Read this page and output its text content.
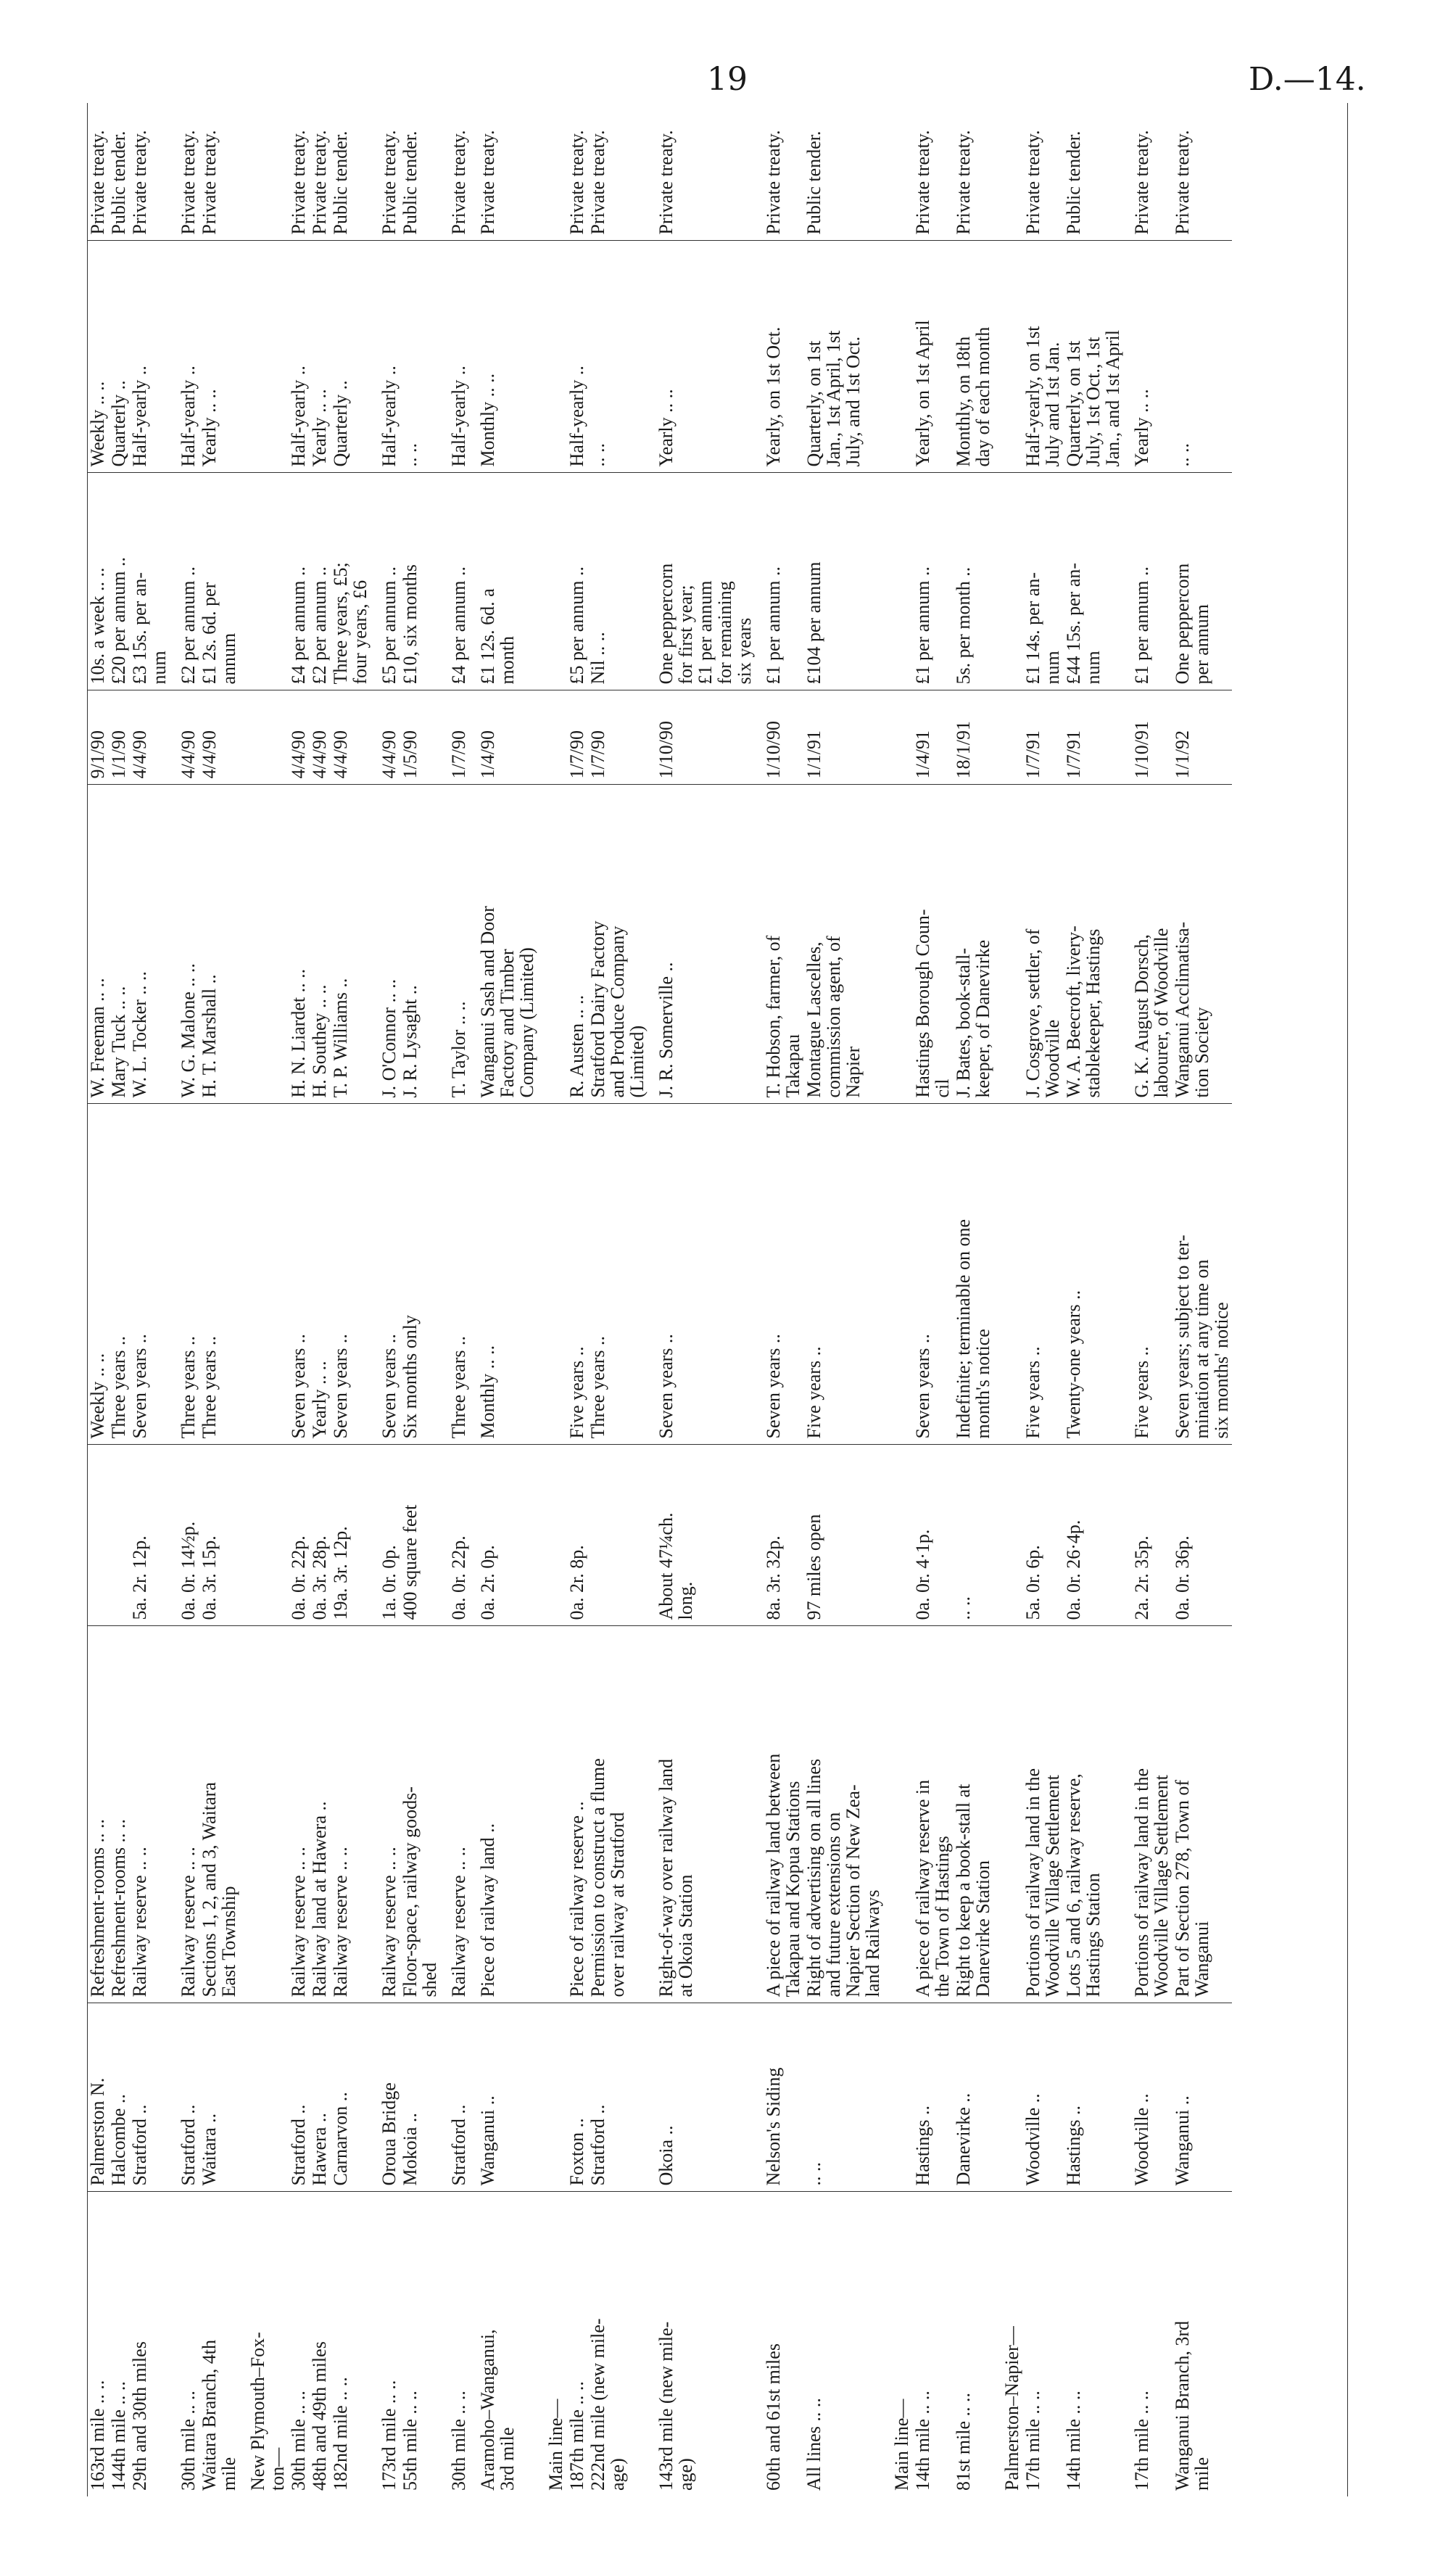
19	D.—14.
163rd mile .. ..	Palmerston N.	Refreshment-rooms .. ..		Weekly .. ..	W. Freeman .. ..	9/1/90	10s. a week .. ..	Weekly .. ..	Private treaty.

144th mile .. ..	Halcombe ..	Refreshment-rooms .. ..		Three years ..	Mary Tuck .. ..	1/1/90	£20 per annum ..	Quarterly ..	Public tender.

29th and 30th miles	Stratford ..	Railway reserve .. ..	5a. 2r. 12p.	Seven years ..	W. L. Tocker .. ..	4/4/90	£3 15s. per an-
num	Half-yearly ..	Private treaty.

30th mile .. ..	Stratford ..	Railway reserve .. ..	0a. 0r. 14½p.	Three years ..	W. G. Malone .. ..	4/4/90	£2 per annum ..	Half-yearly ..	Private treaty.

Waitara Branch, 4th
mile	Waitara ..	Sections 1, 2, and 3, Waitara
East Township	0a. 3r. 15p.	Three years ..	H. T. Marshall ..	4/4/90	£1 2s. 6d. per
annum	Yearly .. ..	Private treaty.

New Plymouth–Fox-
ton—									

30th mile .. ..	Stratford ..	Railway reserve .. ..	0a. 0r. 22p.	Seven years ..	H. N. Liardet .. ..	4/4/90	£4 per annum ..	Half-yearly ..	Private treaty.

48th and 49th miles	Hawera ..	Railway land at Hawera ..	0a. 3r. 28p.	Yearly .. ..	H. Southey .. ..	4/4/90	£2 per annum ..	Yearly .. ..	Private treaty.

182nd mile .. ..	Carnarvon ..	Railway reserve .. ..	19a. 3r. 12p.	Seven years ..	T. P. Williams ..	4/4/90	Three years, £5;
four years, £6	Quarterly ..	Public tender.

173rd mile .. ..	Oroua Bridge	Railway reserve .. ..	1a. 0r. 0p.	Seven years ..	J. O'Connor .. ..	4/4/90	£5 per annum ..	Half-yearly ..	Private treaty.

55th mile .. ..	Mokoia ..	Floor-space, railway goods-
shed	400 square feet	Six months only	J. R. Lysaght ..	1/5/90	£10, six months	.. ..	Public tender.

30th mile .. ..	Stratford ..	Railway reserve .. ..	0a. 0r. 22p.	Three years ..	T. Taylor .. ..	1/7/90	£4 per annum ..	Half-yearly ..	Private treaty.

Aramoho–Wanganui,
3rd mile	Wanganui ..	Piece of railway land ..	0a. 2r. 0p.	Monthly .. ..	Wanganui Sash and Door
Factory and Timber
Company (Limited)	1/4/90	£1 12s. 6d. a
month	Monthly .. ..	Private treaty.

Main line—									

187th mile .. ..	Foxton ..	Piece of railway reserve ..	0a. 2r. 8p.	Five years ..	R. Austen .. ..	1/7/90	£5 per annum ..	Half-yearly ..	Private treaty.

222nd mile (new mile-
age)	Stratford ..	Permission to construct a flume
over railway at Stratford		Three years ..	Stratford Dairy Factory
and Produce Company
(Limited)	1/7/90	Nil .. ..	.. ..	Private treaty.

143rd mile (new mile-
age)	Okoia ..	Right-of-way over railway land
at Okoia Station	About 47¼ch.
long.	Seven years ..	J. R. Somerville ..	1/10/90	One peppercorn
for first year;
£1 per annum
for remaining
six years	Yearly .. ..	Private treaty.

60th and 61st miles	Nelson's Siding	A piece of railway land between
Takapau and Kopua Stations	8a. 3r. 32p.	Seven years ..	T. Hobson, farmer, of
Takapau	1/10/90	£1 per annum ..	Yearly, on 1st Oct.	Private treaty.

All lines .. ..	.. ..	Right of advertising on all lines
and future extensions on
Napier Section of New Zea-
land Railways	97 miles open	Five years ..	Montague Lascelles,
commission agent, of
Napier	1/1/91	£104 per annum	Quarterly, on 1st
Jan., 1st April, 1st
July, and 1st Oct.	Public tender.

Main line—									

14th mile .. ..	Hastings ..	A piece of railway reserve in
the Town of Hastings	0a. 0r. 4·1p.	Seven years ..	Hastings Borough Coun-
cil	1/4/91	£1 per annum ..	Yearly, on 1st April	Private treaty.

81st mile .. ..	Danevirke ..	Right to keep a book-stall at
Danevirke Station	.. ..	Indefinite; terminable on one
month's notice	J. Bates, book-stall-
keeper, of Danevirke	18/1/91	5s. per month ..	Monthly, on 18th
day of each month	Private treaty.

Palmerston–Napier—									

17th mile .. ..	Woodville ..	Portions of railway land in the
Woodville Village Settlement	5a. 0r. 6p.	Five years ..	J. Cosgrove, settler, of
Woodville	1/7/91	£1 14s. per an-
num	Half-yearly, on 1st
July and 1st Jan.	Private treaty.

14th mile .. ..	Hastings ..	Lots 5 and 6, railway reserve,
Hastings Station	0a. 0r. 26·4p.	Twenty-one years ..	W. A. Beecroft, livery-
stablekeeper, Hastings	1/7/91	£44 15s. per an-
num	Quarterly, on 1st
July, 1st Oct., 1st
Jan., and 1st April	Public tender.

17th mile .. ..	Woodville ..	Portions of railway land in the
Woodville Village Settlement	2a. 2r. 35p.	Five years ..	G. K. August Dorsch,
labourer, of Woodville	1/10/91	£1 per annum ..	Yearly .. ..	Private treaty.

Wanganui Branch, 3rd
mile	Wanganui ..	Part of Section 278, Town of
Wanganui	0a. 0r. 36p.	Seven years; subject to ter-
mination at any time on
six months' notice	Wanganui Acclimatisa-
tion Society	1/1/92	One peppercorn
per annum	.. ..	Private treaty.
